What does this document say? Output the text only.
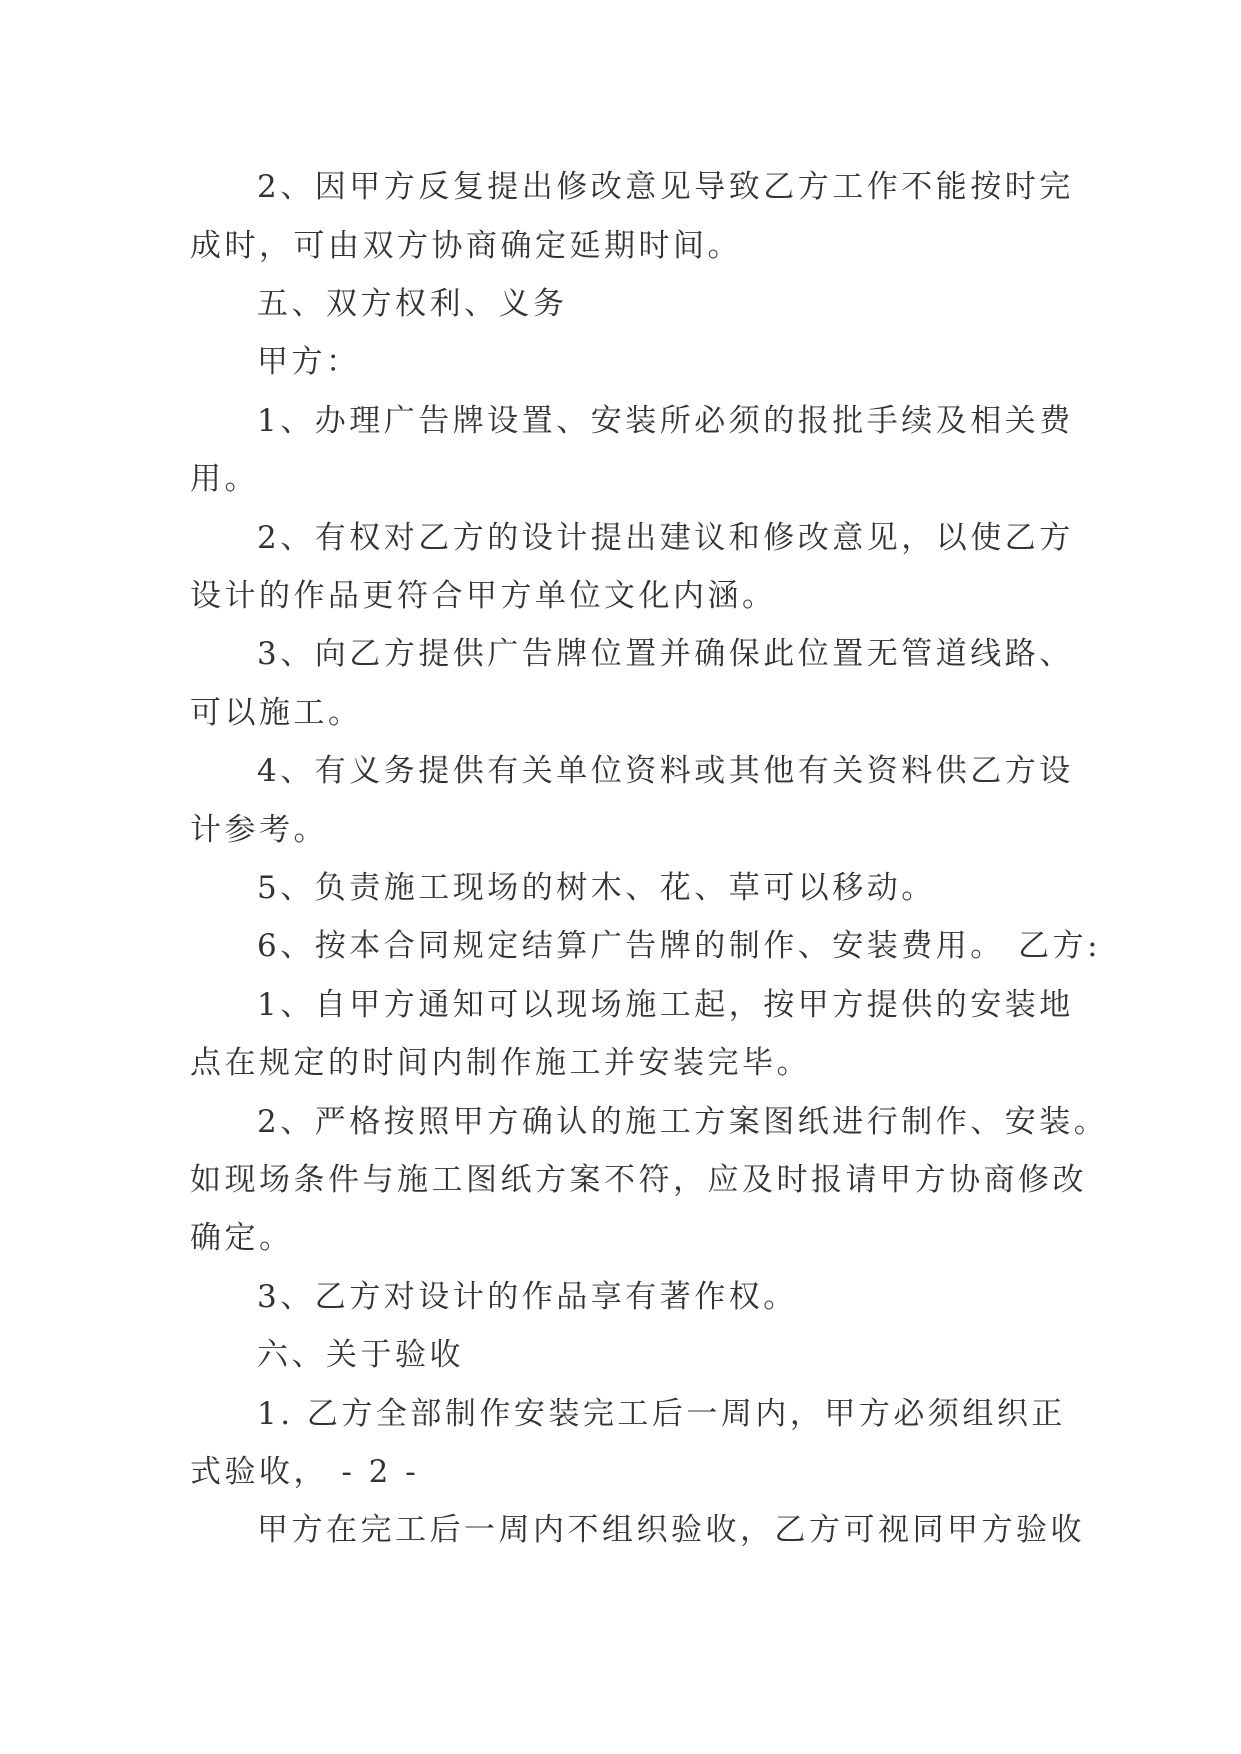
2、因甲方反复提出修改意见导致乙方工作不能按时完

成时，可由双方协商确定延期时间。

五、双方权利、义务

甲方：

1、办理广告牌设置、安装所必须的报批手续及相关费

用。

2、有权对乙方的设计提出建议和修改意见，以使乙方

设计的作品更符合甲方单位文化内涵。

3、向乙方提供广告牌位置并确保此位置无管道线路、

可以施工。

4、有义务提供有关单位资料或其他有关资料供乙方设

计参考。

5、负责施工现场的树木、花、草可以移动。

6、按本合同规定结算广告牌的制作、安装费用。 乙方:

1、自甲方通知可以现场施工起，按甲方提供的安装地

点在规定的时间内制作施工并安装完毕。

2、严格按照甲方确认的施工方案图纸进行制作、安装。

如现场条件与施工图纸方案不符，应及时报请甲方协商修改

确定。

3、乙方对设计的作品享有著作权。

六、关于验收

1. 乙方全部制作安装完工后一周内，甲方必须组织正

式验收， - 2 -

甲方在完工后一周内不组织验收，乙方可视同甲方验收
